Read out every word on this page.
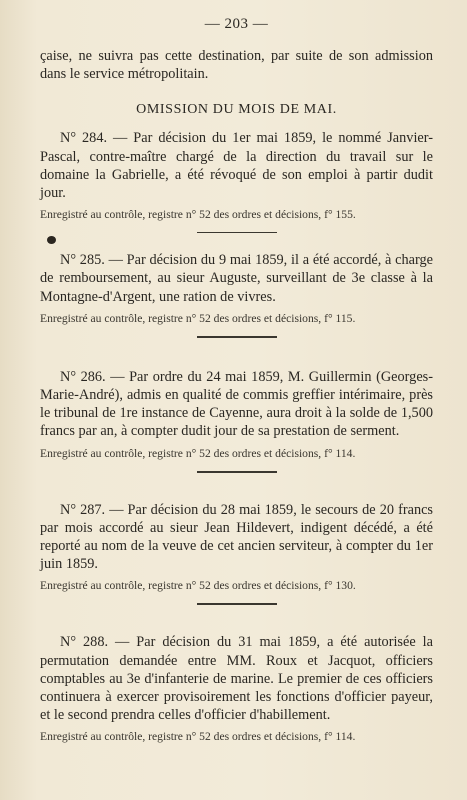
— 203 —

çaise, ne suivra pas cette destination, par suite de son admission dans le service métropolitain.

OMISSION DU MOIS DE MAI.

N° 284. — Par décision du 1er mai 1859, le nommé Janvier-Pascal, contre-maître chargé de la direction du travail sur le domaine la Gabrielle, a été révoqué de son emploi à partir dudit jour.

Enregistré au contrôle, registre n° 52 des ordres et décisions, f° 155.

N° 285. — Par décision du 9 mai 1859, il a été accordé, à charge de remboursement, au sieur Auguste, surveillant de 3e classe à la Montagne-d'Argent, une ration de vivres.

Enregistré au contrôle, registre n° 52 des ordres et décisions, f° 115.

N° 286. — Par ordre du 24 mai 1859, M. Guillermin (Georges-Marie-André), admis en qualité de commis greffier intérimaire, près le tribunal de 1re instance de Cayenne, aura droit à la solde de 1,500 francs par an, à compter dudit jour de sa prestation de serment.

Enregistré au contrôle, registre n° 52 des ordres et décisions, f° 114.

N° 287. — Par décision du 28 mai 1859, le secours de 20 francs par mois accordé au sieur Jean Hildevert, indigent décédé, a été reporté au nom de la veuve de cet ancien serviteur, à compter du 1er juin 1859.

Enregistré au contrôle, registre n° 52 des ordres et décisions, f° 130.

N° 288. — Par décision du 31 mai 1859, a été autorisée la permutation demandée entre MM. Roux et Jacquot, officiers comptables au 3e d'infanterie de marine. Le premier de ces officiers continuera à exercer provisoirement les fonctions d'officier payeur, et le second prendra celles d'officier d'habillement.

Enregistré au contrôle, registre n° 52 des ordres et décisions, f° 114.
